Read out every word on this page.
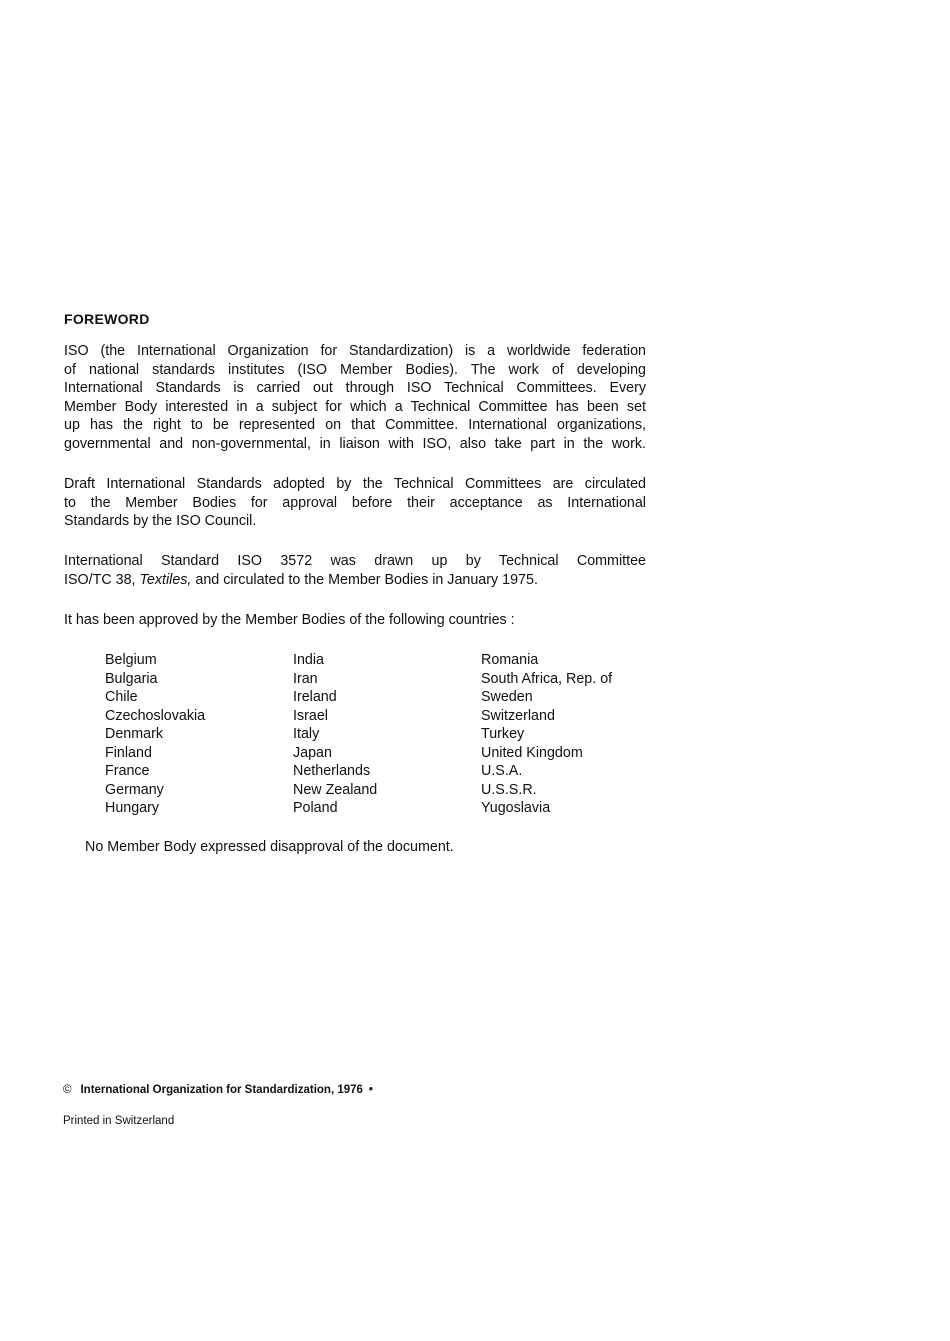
FOREWORD
ISO (the International Organization for Standardization) is a worldwide federation
of national standards institutes (ISO Member Bodies). The work of developing
International Standards is carried out through ISO Technical Committees. Every
Member Body interested in a subject for which a Technical Committee has been set
up has the right to be represented on that Committee. International organizations,
governmental and non-governmental, in liaison with ISO, also take part in the work.
Draft International Standards adopted by the Technical Committees are circulated
to the Member Bodies for approval before their acceptance as International
Standards by the ISO Council.
International Standard ISO 3572 was drawn up by Technical Committee
ISO/TC 38, Textiles, and circulated to the Member Bodies in January 1975.
It has been approved by the Member Bodies of the following countries :
Belgium
Bulgaria
Chile
Czechoslovakia
Denmark
Finland
France
Germany
Hungary
India
Iran
Ireland
Israel
Italy
Japan
Netherlands
New Zealand
Poland
Romania
South Africa, Rep. of
Sweden
Switzerland
Turkey
United Kingdom
U.S.A.
U.S.S.R.
Yugoslavia
No Member Body expressed disapproval of the document.
© International Organization for Standardization, 1976 •
Printed in Switzerland
